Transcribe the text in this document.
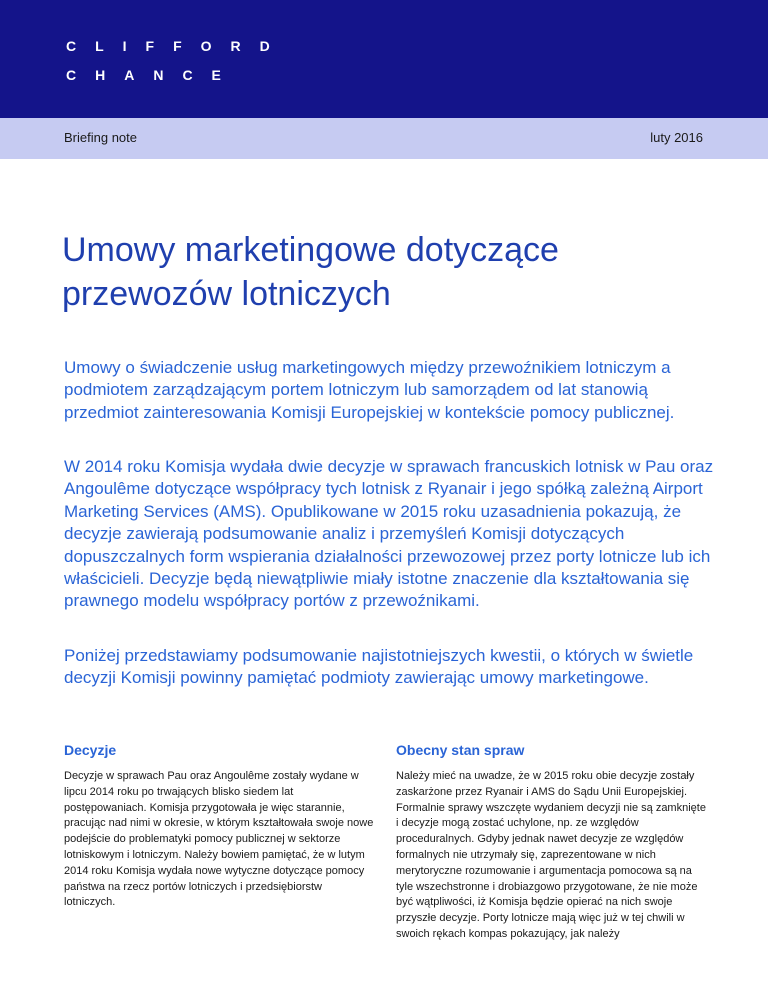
CLIFFORD
CHANCE
Briefing note	luty 2016
Umowy marketingowe dotyczące przewozów lotniczych

Umowy o świadczenie usług marketingowych między przewoźnikiem lotniczym a podmiotem zarządzającym portem lotniczym lub samorządem od lat stanowią przedmiot zainteresowania Komisji Europejskiej w kontekście pomocy publicznej.

W 2014 roku Komisja wydała dwie decyzje w sprawach francuskich lotnisk w Pau oraz Angoulême dotyczące współpracy tych lotnisk z Ryanair i jego spółką zależną Airport Marketing Services (AMS). Opublikowane w 2015 roku uzasadnienia pokazują, że decyzje zawierają podsumowanie analiz i przemyśleń Komisji dotyczących dopuszczalnych form wspierania działalności przewozowej przez porty lotnicze lub ich właścicieli. Decyzje będą niewątpliwie miały istotne znaczenie dla kształtowania się prawnego modelu współpracy portów z przewoźnikami.

Poniżej przedstawiamy podsumowanie najistotniejszych kwestii, o których w świetle decyzji Komisji powinny pamiętać podmioty zawierając umowy marketingowe.

Decyzje

Decyzje w sprawach Pau oraz Angoulême zostały wydane w lipcu 2014 roku po trwających blisko siedem lat postępowaniach. Komisja przygotowała je więc starannie, pracując nad nimi w okresie, w którym kształtowała swoje nowe podejście do problematyki pomocy publicznej w sektorze lotniskowym i lotniczym. Należy bowiem pamiętać, że w lutym 2014 roku Komisja wydała nowe wytyczne dotyczące pomocy państwa na rzecz portów lotniczych i przedsiębiorstw lotniczych.

Obecny stan spraw

Należy mieć na uwadze, że w 2015 roku obie decyzje zostały zaskarżone przez Ryanair i AMS do Sądu Unii Europejskiej. Formalnie sprawy wszczęte wydaniem decyzji nie są zamknięte i decyzje mogą zostać uchylone, np. ze względów proceduralnych. Gdyby jednak nawet decyzje ze względów formalnych nie utrzymały się, zaprezentowane w nich merytoryczne rozumowanie i argumentacja pomocowa są na tyle wszechstronne i drobiazgowo przygotowane, że nie może być wątpliwości, iż Komisja będzie opierać na nich swoje przyszłe decyzje. Porty lotnicze mają więc już w tej chwili w swoich rękach kompas pokazujący, jak należy
